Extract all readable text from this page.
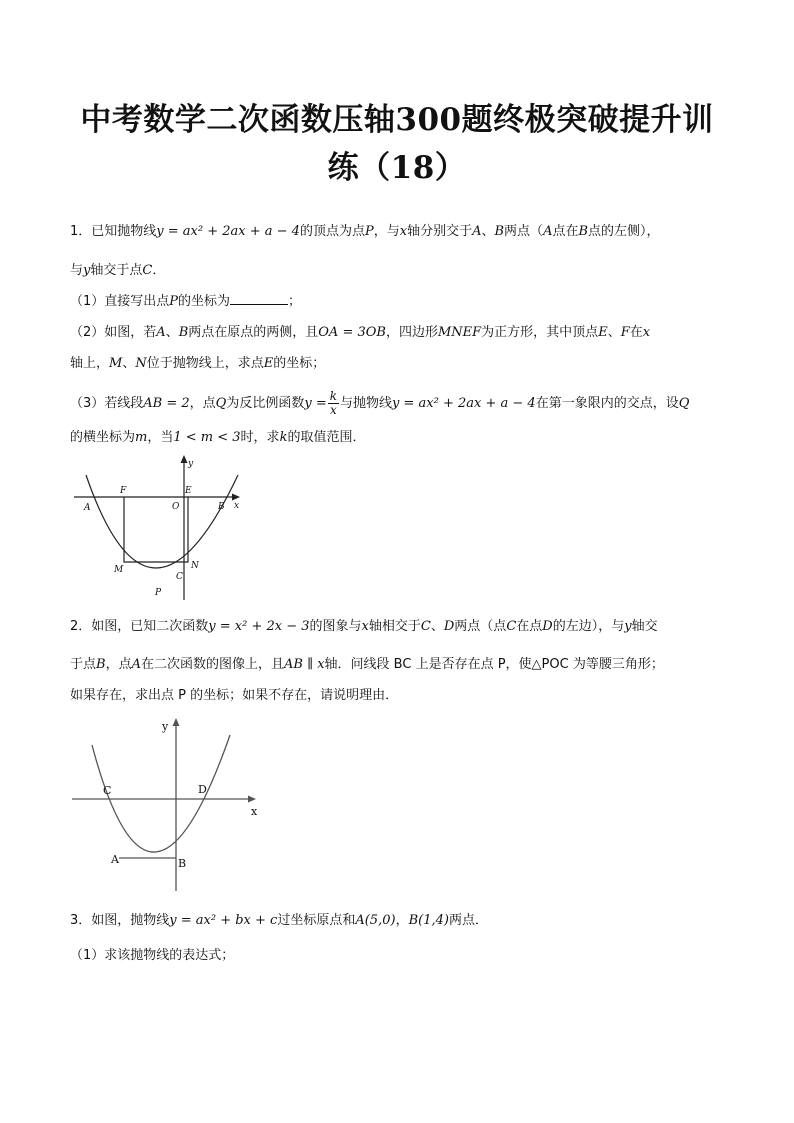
中考数学二次函数压轴300题终极突破提升训
练（18）
1．已知抛物线y = ax² + 2ax + a − 4的顶点为点P，与x轴分别交于A、B两点（A点在B点的左侧），
与y轴交于点C．
（1）直接写出点P的坐标为	；
（2）如图，若A、B两点在原点的两侧，且OA = 3OB，四边形MNEF为正方形，其中顶点E、F在x
轴上，M、N位于抛物线上，求点E的坐标；
（3）若线段AB = 2，点Q为反比例函数$y = \frac{k}{x}$ 与抛物线y = ax² + 2ax + a − 4在第一象限内的交点，设Q
的横坐标为m，当1 < m < 3时，求k的取值范围．
y
x
F
O
E
A	B
M	N
C
P
2．如图，已知二次函数y = x² + 2x − 3的图象与x轴相交于C、D两点（点C在点D的左边），与y轴交
于点B，点A在二次函数的图像上，且AB ∥ x轴．问线段 BC 上是否存在点 P，使△POC 为等腰三角形；
如果存在，求出点 P 的坐标；如果不存在，请说明理由．
y
x
C	D
A	B
3．如图，抛物线y = ax² + bx + c过坐标原点和A(5,0)，B(1,4)两点．
（1）求该抛物线的表达式；
